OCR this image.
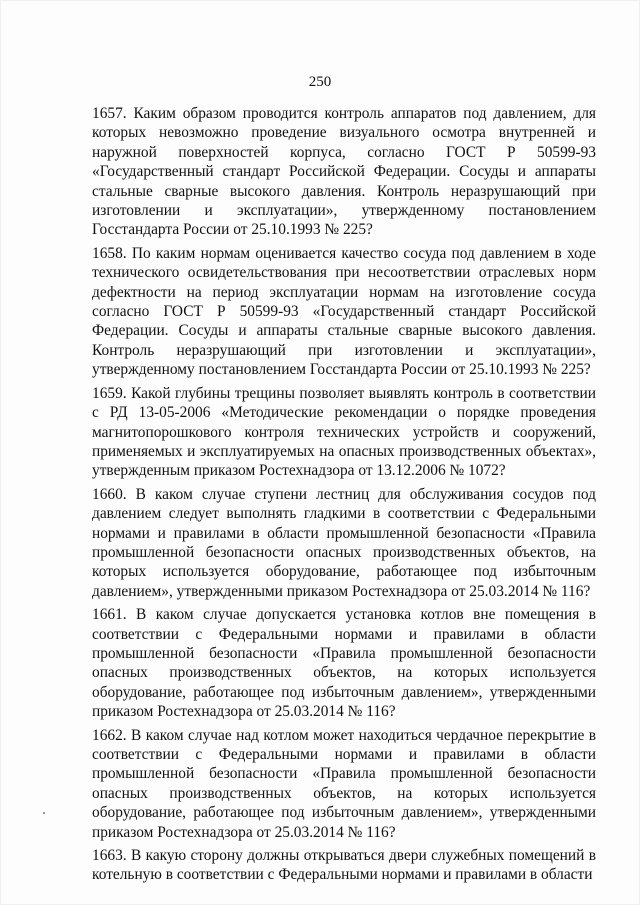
250

1657. Каким образом проводится контроль аппаратов под давлением, для которых невозможно проведение визуального осмотра внутренней и наружной поверхностей корпуса, согласно ГОСТ Р 50599-93 «Государственный стандарт Российской Федерации. Сосуды и аппараты стальные сварные высокого давления. Контроль неразрушающий при изготовлении и эксплуатации», утвержденному постановлением Госстандарта России от 25.10.1993 № 225?

1658. По каким нормам оценивается качество сосуда под давлением в ходе технического освидетельствования при несоответствии отраслевых норм дефектности на период эксплуатации нормам на изготовление сосуда согласно ГОСТ Р 50599-93 «Государственный стандарт Российской Федерации. Сосуды и аппараты стальные сварные высокого давления. Контроль неразрушающий при изготовлении и эксплуатации», утвержденному постановлением Госстандарта России от 25.10.1993 № 225?

1659. Какой глубины трещины позволяет выявлять контроль в соответствии с РД 13-05-2006 «Методические рекомендации о порядке проведения магнитопорошкового контроля технических устройств и сооружений, применяемых и эксплуатируемых на опасных производственных объектах», утвержденным приказом Ростехнадзора от 13.12.2006 № 1072?

1660. В каком случае ступени лестниц для обслуживания сосудов под давлением следует выполнять гладкими в соответствии с Федеральными нормами и правилами в области промышленной безопасности «Правила промышленной безопасности опасных производственных объектов, на которых используется оборудование, работающее под избыточным давлением», утвержденными приказом Ростехнадзора от 25.03.2014 № 116?

1661. В каком случае допускается установка котлов вне помещения в соответствии с Федеральными нормами и правилами в области промышленной безопасности «Правила промышленной безопасности опасных производственных объектов, на которых используется оборудование, работающее под избыточным давлением», утвержденными приказом Ростехнадзора от 25.03.2014 № 116?

1662. В каком случае над котлом может находиться чердачное перекрытие в соответствии с Федеральными нормами и правилами в области промышленной безопасности «Правила промышленной безопасности опасных производственных объектов, на которых используется оборудование, работающее под избыточным давлением», утвержденными приказом Ростехнадзора от 25.03.2014 № 116?

1663. В какую сторону должны открываться двери служебных помещений в котельную в соответствии с Федеральными нормами и правилами в области
